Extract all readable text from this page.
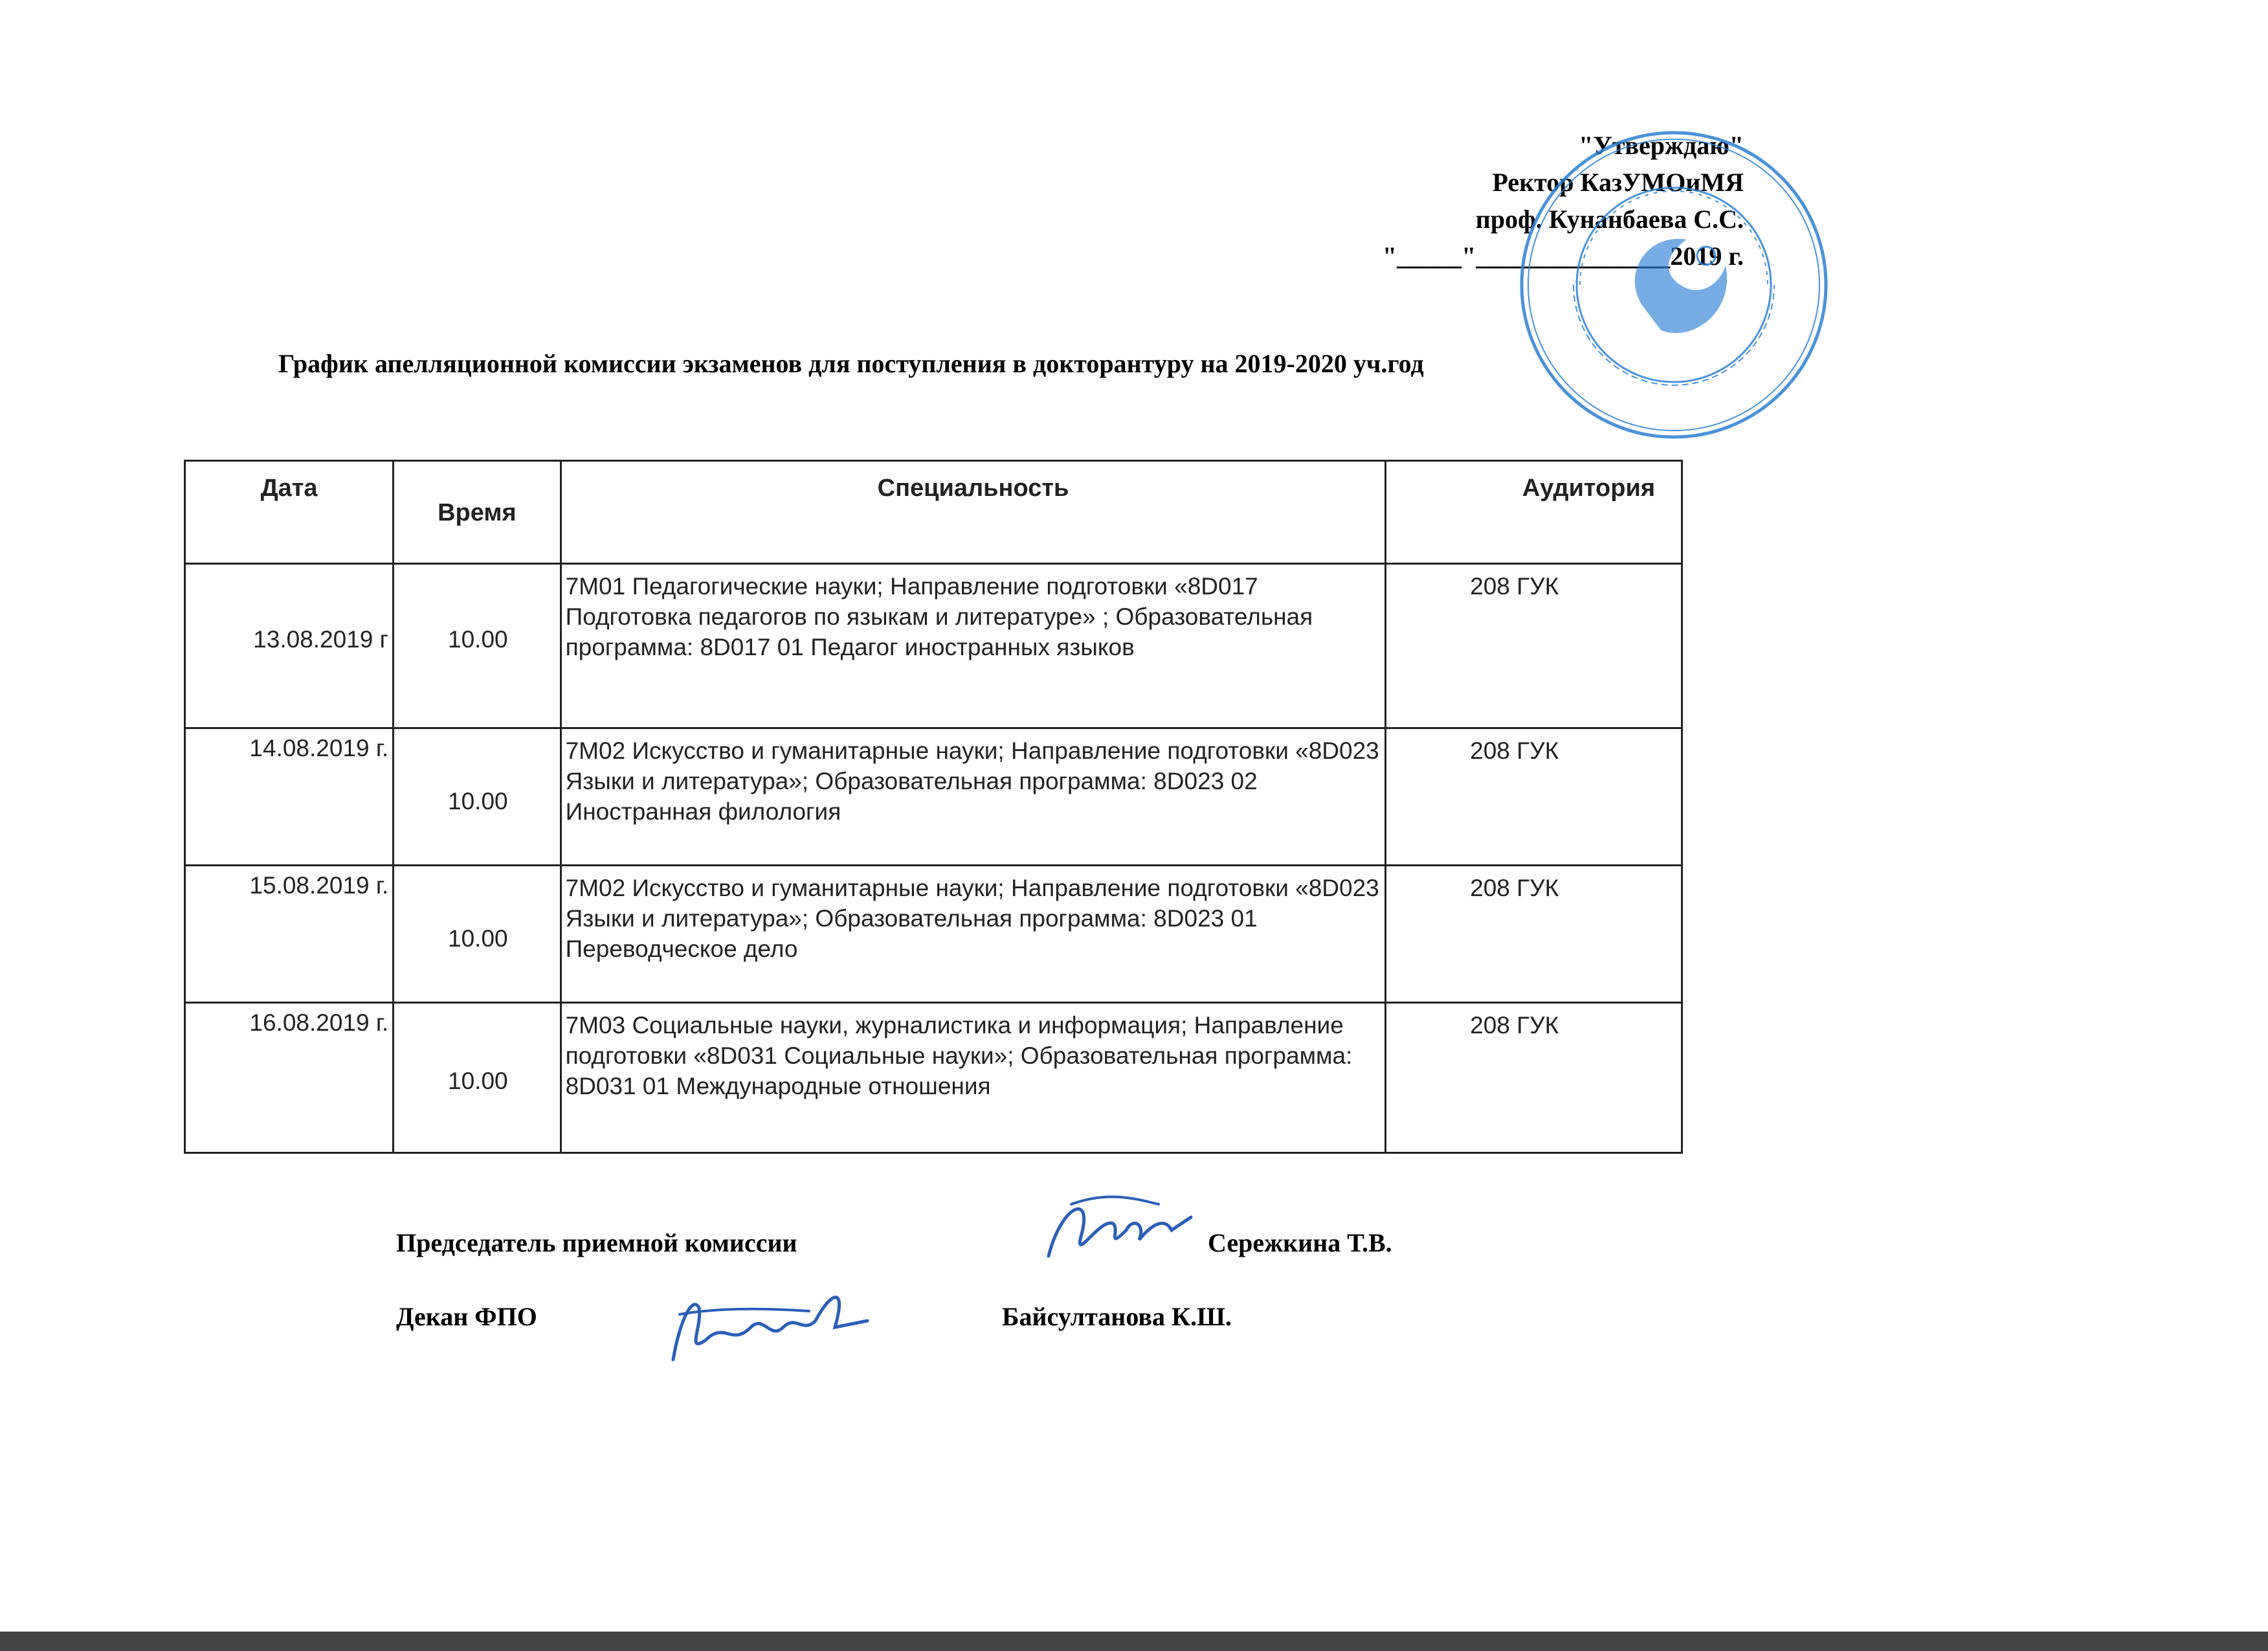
"Утверждаю"
Ректор КазУМОиМЯ
проф. Кунанбаева С.С.
"_____"_______________2019 г.
График апелляционной комиссии экзаменов для поступления в докторантуру на 2019-2020 уч.год
Дата	Время	Специальность	Аудитория

13.08.2019 г	10.00	7М01 Педагогические науки; Направление подготовки «8D017 Подготовка педагогов по языкам и литературе» ; Образовательная программа: 8D017 01 Педагог иностранных языков	208 ГУК

14.08.2019 г.	10.00	7М02 Искусство и гуманитарные науки; Направление подготовки «8D023 Языки и литература»; Образовательная программа: 8D023 02 Иностранная филология	208 ГУК

15.08.2019 г.	10.00	7М02 Искусство и гуманитарные науки; Направление подготовки «8D023 Языки и литература»; Образовательная программа: 8D023 01 Переводческое дело	208 ГУК

16.08.2019 г.	10.00	7М03 Социальные науки, журналистика и информация; Направление подготовки «8D031 Социальные науки»; Образовательная программа: 8D031 01 Международные отношения	208 ГУК
Председатель приемной комиссии	Сережкина Т.В.
Декан ФПО	Байсултанова К.Ш.
